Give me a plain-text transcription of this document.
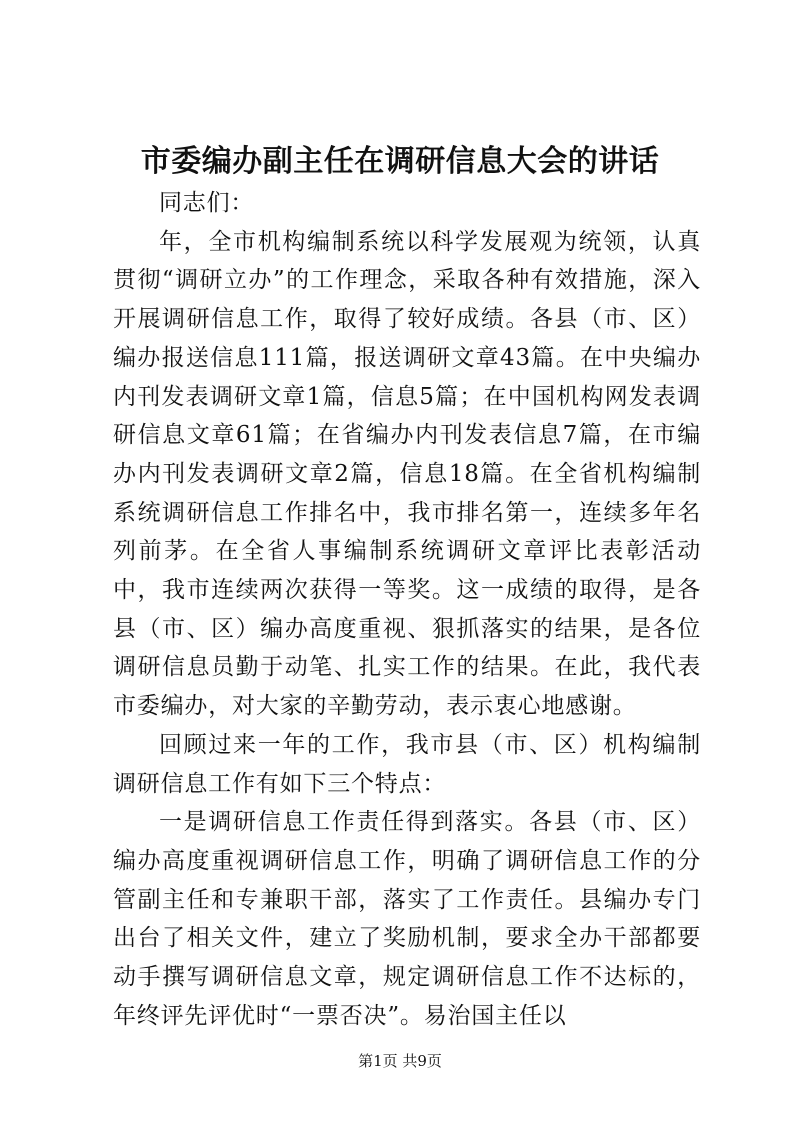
市委编办副主任在调研信息大会的讲话

同志们：

年，全市机构编制系统以科学发展观为统领，认真贯彻“调研立办”的工作理念，采取各种有效措施，深入开展调研信息工作，取得了较好成绩。各县（市、区）编办报送信息111篇，报送调研文章43篇。在中央编办内刊发表调研文章1篇，信息5篇；在中国机构网发表调研信息文章61篇；在省编办内刊发表信息7篇，在市编办内刊发表调研文章2篇，信息18篇。在全省机构编制系统调研信息工作排名中，我市排名第一，连续多年名列前茅。在全省人事编制系统调研文章评比表彰活动中，我市连续两次获得一等奖。这一成绩的取得，是各县（市、区）编办高度重视、狠抓落实的结果，是各位调研信息员勤于动笔、扎实工作的结果。在此，我代表市委编办，对大家的辛勤劳动，表示衷心地感谢。

回顾过来一年的工作，我市县（市、区）机构编制调研信息工作有如下三个特点：

一是调研信息工作责任得到落实。各县（市、区）编办高度重视调研信息工作，明确了调研信息工作的分管副主任和专兼职干部，落实了工作责任。县编办专门出台了相关文件，建立了奖励机制，要求全办干部都要动手撰写调研信息文章，规定调研信息工作不达标的，年终评先评优时“一票否决”。易治国主任以

第1页 共9页
